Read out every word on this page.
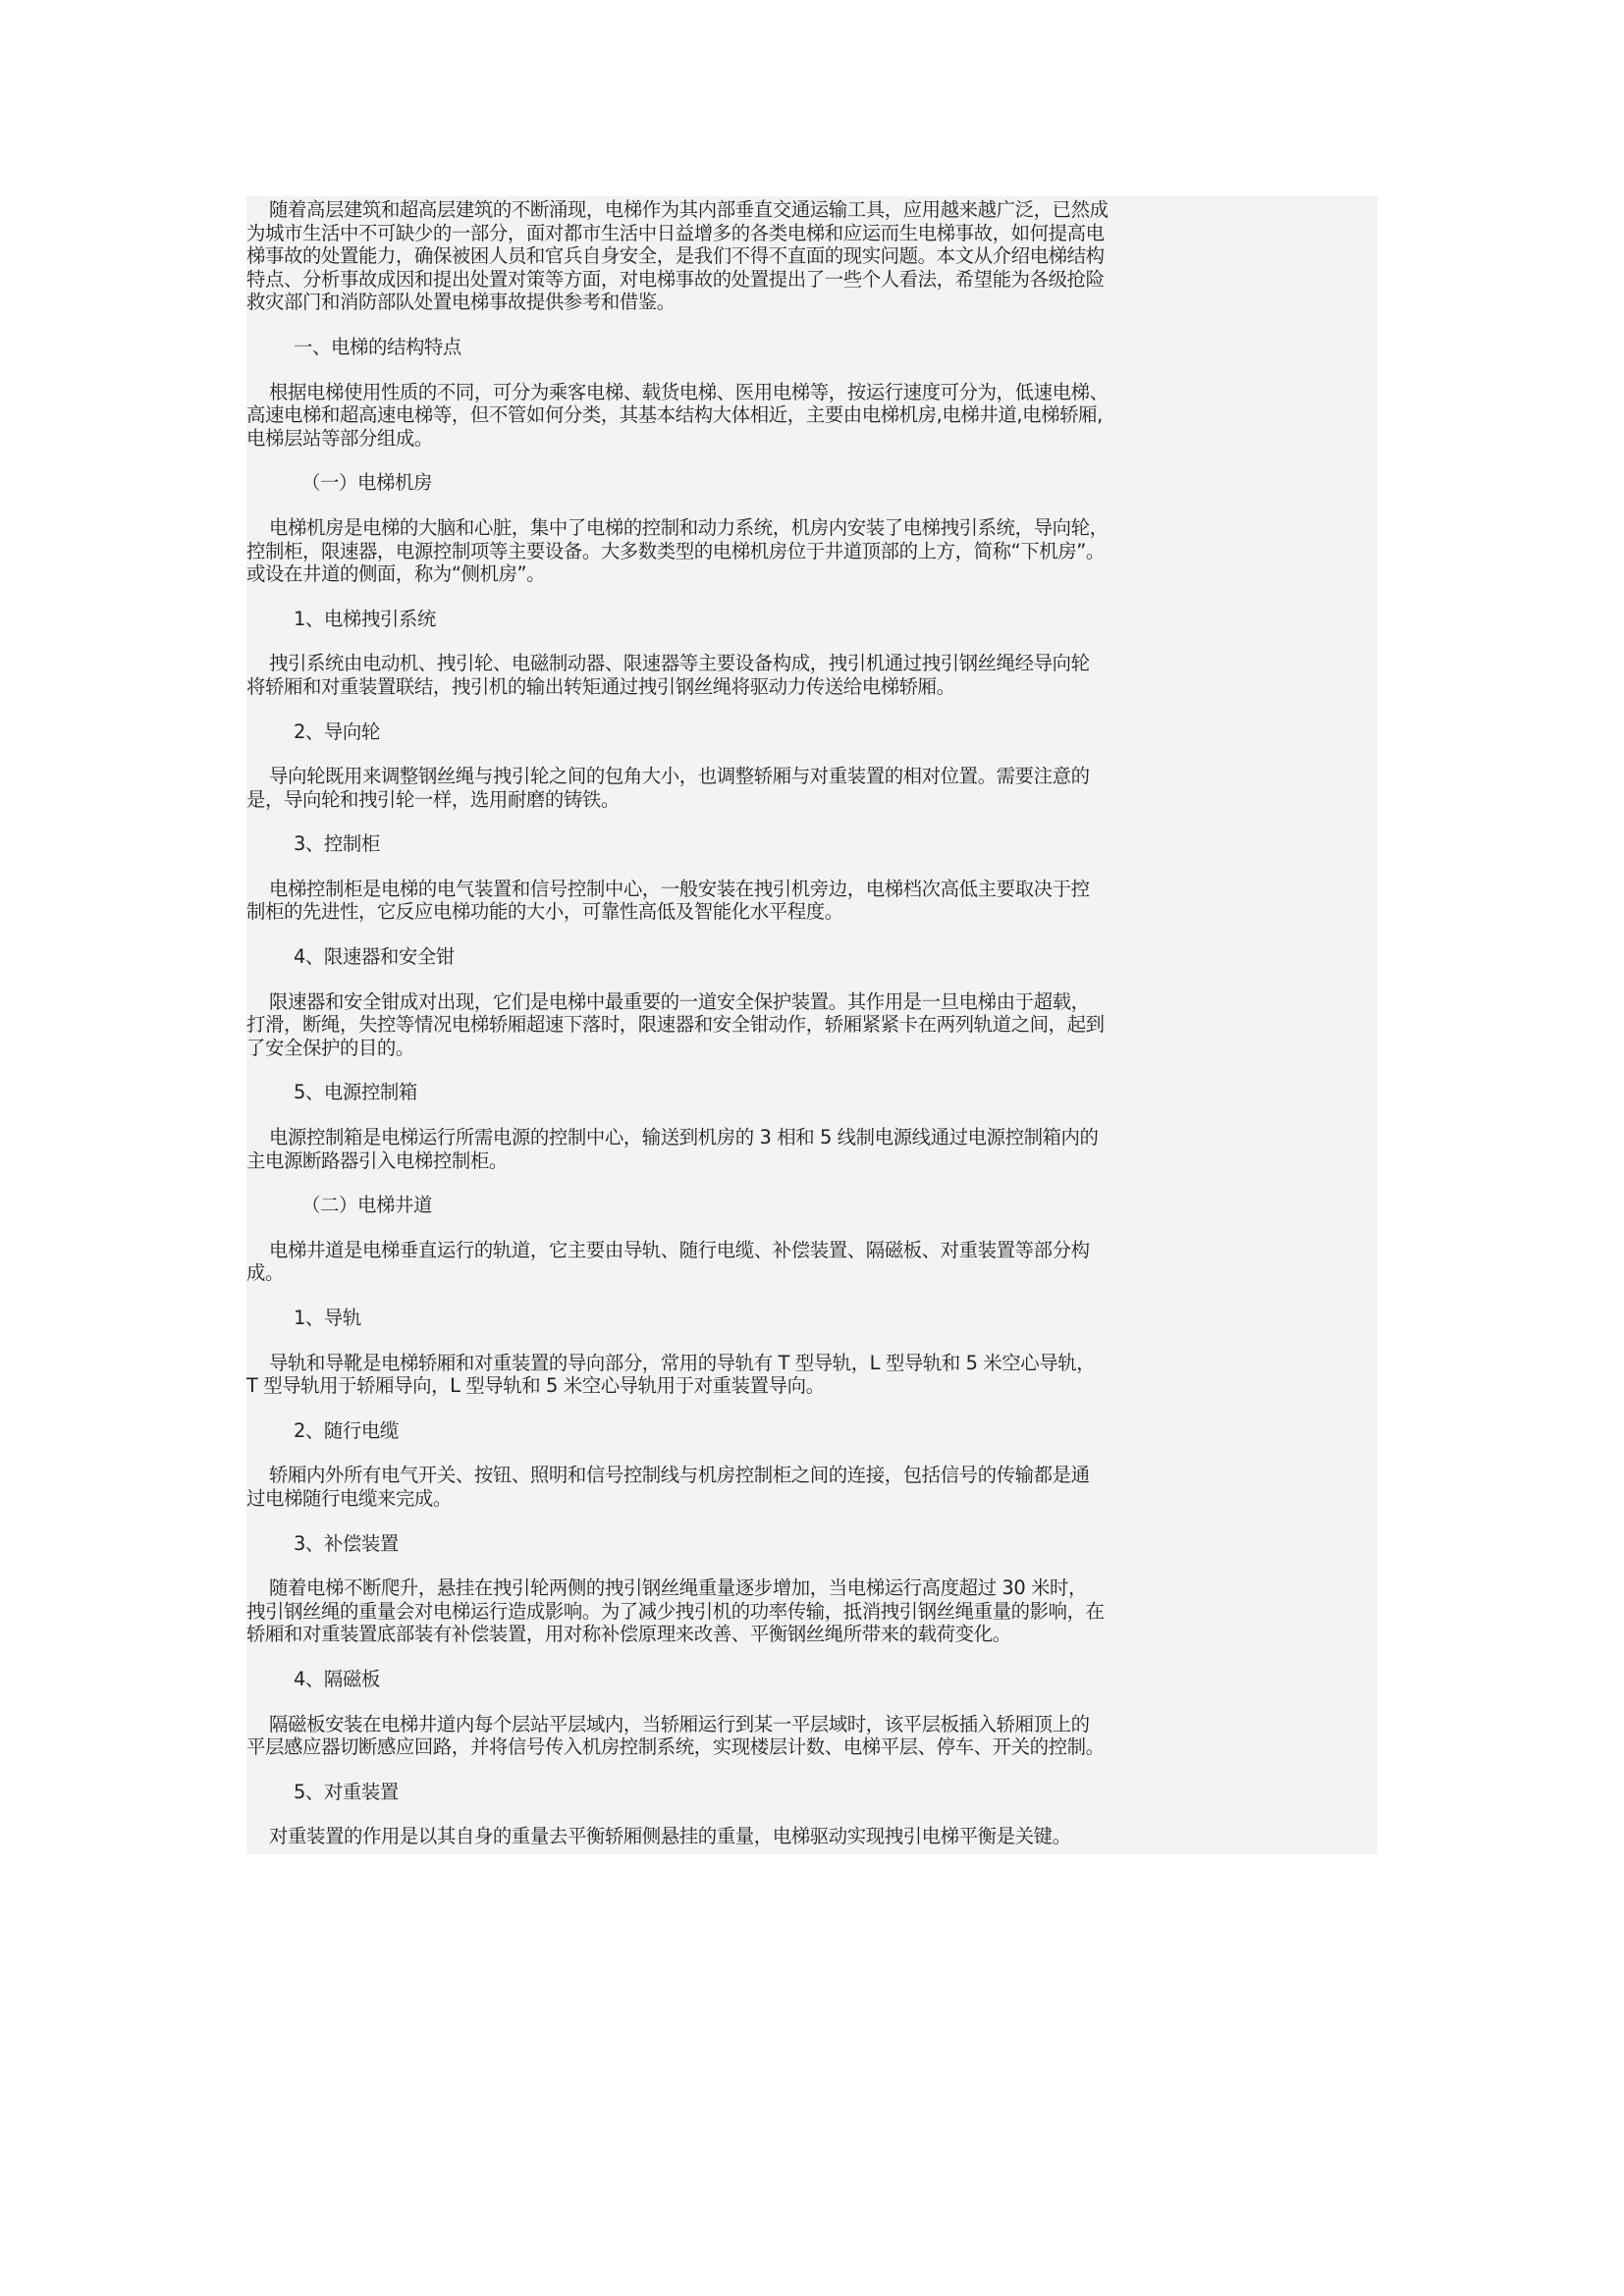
随着高层建筑和超高层建筑的不断涌现，电梯作为其内部垂直交通运输工具，应用越来越广泛，已然成
为城市生活中不可缺少的一部分，面对都市生活中日益增多的各类电梯和应运而生电梯事故，如何提高电
梯事故的处置能力，确保被困人员和官兵自身安全，是我们不得不直面的现实问题。本文从介绍电梯结构
特点、分析事故成因和提出处置对策等方面，对电梯事故的处置提出了一些个人看法，希望能为各级抢险
救灾部门和消防部队处置电梯事故提供参考和借鉴。

一、电梯的结构特点

根据电梯使用性质的不同，可分为乘客电梯、载货电梯、医用电梯等，按运行速度可分为，低速电梯、
高速电梯和超高速电梯等，但不管如何分类，其基本结构大体相近，主要由电梯机房,电梯井道,电梯轿厢,
电梯层站等部分组成。

（一）电梯机房

电梯机房是电梯的大脑和心脏，集中了电梯的控制和动力系统，机房内安装了电梯拽引系统，导向轮，
控制柜，限速器，电源控制项等主要设备。大多数类型的电梯机房位于井道顶部的上方，简称“下机房”。
或设在井道的侧面，称为“侧机房”。

1、电梯拽引系统

拽引系统由电动机、拽引轮、电磁制动器、限速器等主要设备构成，拽引机通过拽引钢丝绳经导向轮
将轿厢和对重装置联结，拽引机的输出转矩通过拽引钢丝绳将驱动力传送给电梯轿厢。

2、导向轮

导向轮既用来调整钢丝绳与拽引轮之间的包角大小，也调整轿厢与对重装置的相对位置。需要注意的
是，导向轮和拽引轮一样，选用耐磨的铸铁。

3、控制柜

电梯控制柜是电梯的电气装置和信号控制中心，一般安装在拽引机旁边，电梯档次高低主要取决于控
制柜的先进性，它反应电梯功能的大小，可靠性高低及智能化水平程度。

4、限速器和安全钳

限速器和安全钳成对出现，它们是电梯中最重要的一道安全保护装置。其作用是一旦电梯由于超载，
打滑，断绳，失控等情况电梯轿厢超速下落时，限速器和安全钳动作，轿厢紧紧卡在两列轨道之间，起到
了安全保护的目的。

5、电源控制箱

电源控制箱是电梯运行所需电源的控制中心，输送到机房的 3 相和 5 线制电源线通过电源控制箱内的
主电源断路器引入电梯控制柜。

（二）电梯井道

电梯井道是电梯垂直运行的轨道，它主要由导轨、随行电缆、补偿装置、隔磁板、对重装置等部分构
成。

1、导轨

导轨和导靴是电梯轿厢和对重装置的导向部分，常用的导轨有 T 型导轨，L 型导轨和 5 米空心导轨，
T 型导轨用于轿厢导向，L 型导轨和 5 米空心导轨用于对重装置导向。

2、随行电缆

轿厢内外所有电气开关、按钮、照明和信号控制线与机房控制柜之间的连接，包括信号的传输都是通
过电梯随行电缆来完成。

3、补偿装置

随着电梯不断爬升，悬挂在拽引轮两侧的拽引钢丝绳重量逐步增加，当电梯运行高度超过 30 米时，
拽引钢丝绳的重量会对电梯运行造成影响。为了减少拽引机的功率传输，抵消拽引钢丝绳重量的影响，在
轿厢和对重装置底部装有补偿装置，用对称补偿原理来改善、平衡钢丝绳所带来的载荷变化。

4、隔磁板

隔磁板安装在电梯井道内每个层站平层域内，当轿厢运行到某一平层域时，该平层板插入轿厢顶上的
平层感应器切断感应回路，并将信号传入机房控制系统，实现楼层计数、电梯平层、停车、开关的控制。

5、对重装置

对重装置的作用是以其自身的重量去平衡轿厢侧悬挂的重量，电梯驱动实现拽引电梯平衡是关键。
